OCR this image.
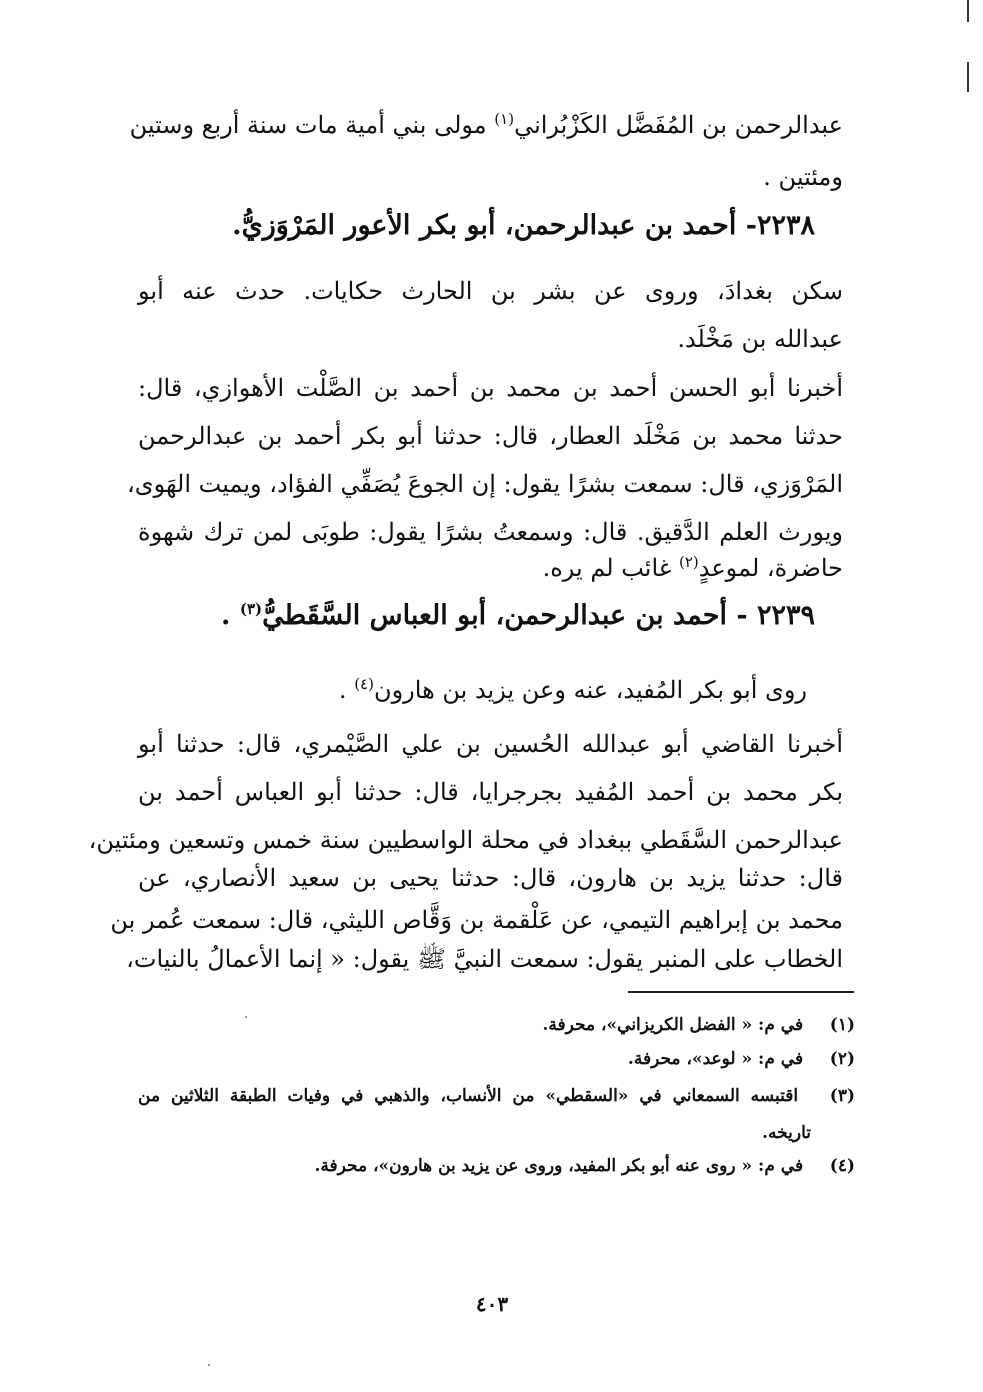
عبدالرحمن بن المُفَضَّل الكَزْبُراني$^{(١)}$ مولى بني أمية مات سنة أربع وستين
ومئتين .
٢٢٣٨- أحمد بن عبدالرحمن، أبو بكر الأعور المَرْوَزيُّ.
سكن بغدادَ، وروى عن بشر بن الحارث حكايات. حدث عنه أبو
عبدالله بن مَخْلَد.
أخبرنا أبو الحسن أحمد بن محمد بن أحمد بن الصَّلْت الأهوازي، قال:
حدثنا محمد بن مَخْلَد العطار، قال: حدثنا أبو بكر أحمد بن عبدالرحمن
المَرْوَزي، قال: سمعت بشرًا يقول: إن الجوعَ يُصَفِّي الفؤاد، ويميت الهَوى،
ويورث العلم الدَّقيق. قال: وسمعتُ بشرًا يقول: طوبَى لمن ترك شهوة
حاضرة، لموعدٍ$^{(٢)}$ غائب لم يره.
٢٢٣٩ - أحمد بن عبدالرحمن، أبو العباس السَّقَطيُّ$^{(٣)}$ .
روى أبو بكر المُفيد، عنه وعن يزيد بن هارون$^{(٤)}$ .
أخبرنا القاضي أبو عبدالله الحُسين بن علي الصَّيْمري، قال: حدثنا أبو
بكر محمد بن أحمد المُفيد بجرجرايا، قال: حدثنا أبو العباس أحمد بن
عبدالرحمن السَّقَطي ببغداد في محلة الواسطيين سنة خمس وتسعين ومئتين،
قال: حدثنا يزيد بن هارون، قال: حدثنا يحيى بن سعيد الأنصاري، عن
محمد بن إبراهيم التيمي، عن عَلْقمة بن وَقَّاص الليثي، قال: سمعت عُمر بن
الخطاب على المنبر يقول: سمعت النبيَّ ﷺ يقول: « إنما الأعمالُ بالنيات،
(١) في م: « الفضل الكريزاني»، محرفة.
(٢) في م: « لوعد»، محرفة.
(٣) اقتبسه السمعاني في «السقطي» من الأنساب، والذهبي في وفيات الطبقة الثلاثين من
تاريخه.
(٤) في م: « روى عنه أبو بكر المفيد، وروى عن يزيد بن هارون»، محرفة.
٤٠٣
